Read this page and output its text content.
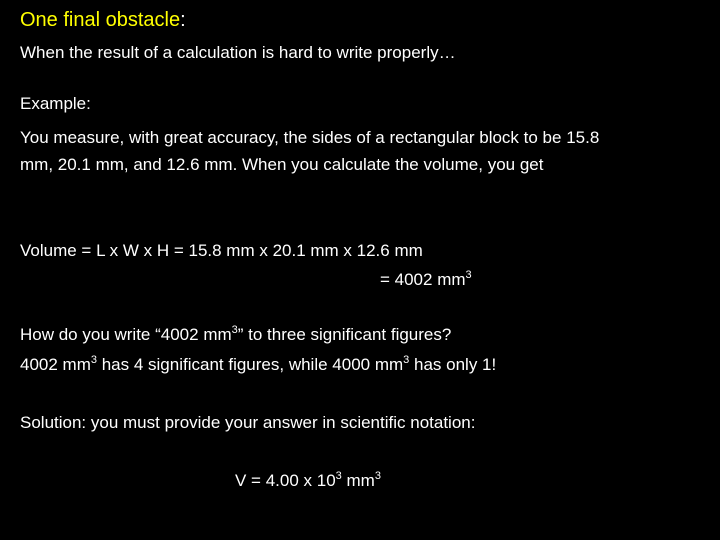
One final obstacle:
When the result of a calculation is hard to write properly…
Example:
You measure, with great accuracy, the sides of a rectangular block to be 15.8
mm, 20.1 mm, and 12.6 mm. When you calculate the volume, you get
Volume = L x W x H = 15.8 mm x 20.1 mm x 12.6 mm
= 4002 $mm^3$
How do you write “4002 $mm^3$” to three significant figures?
4002 $mm^3$ has 4 significant figures, while 4000 $mm^3$ has only 1!
Solution: you must provide your answer in scientific notation:
V = 4.00 x $10^3$ $mm^3$
